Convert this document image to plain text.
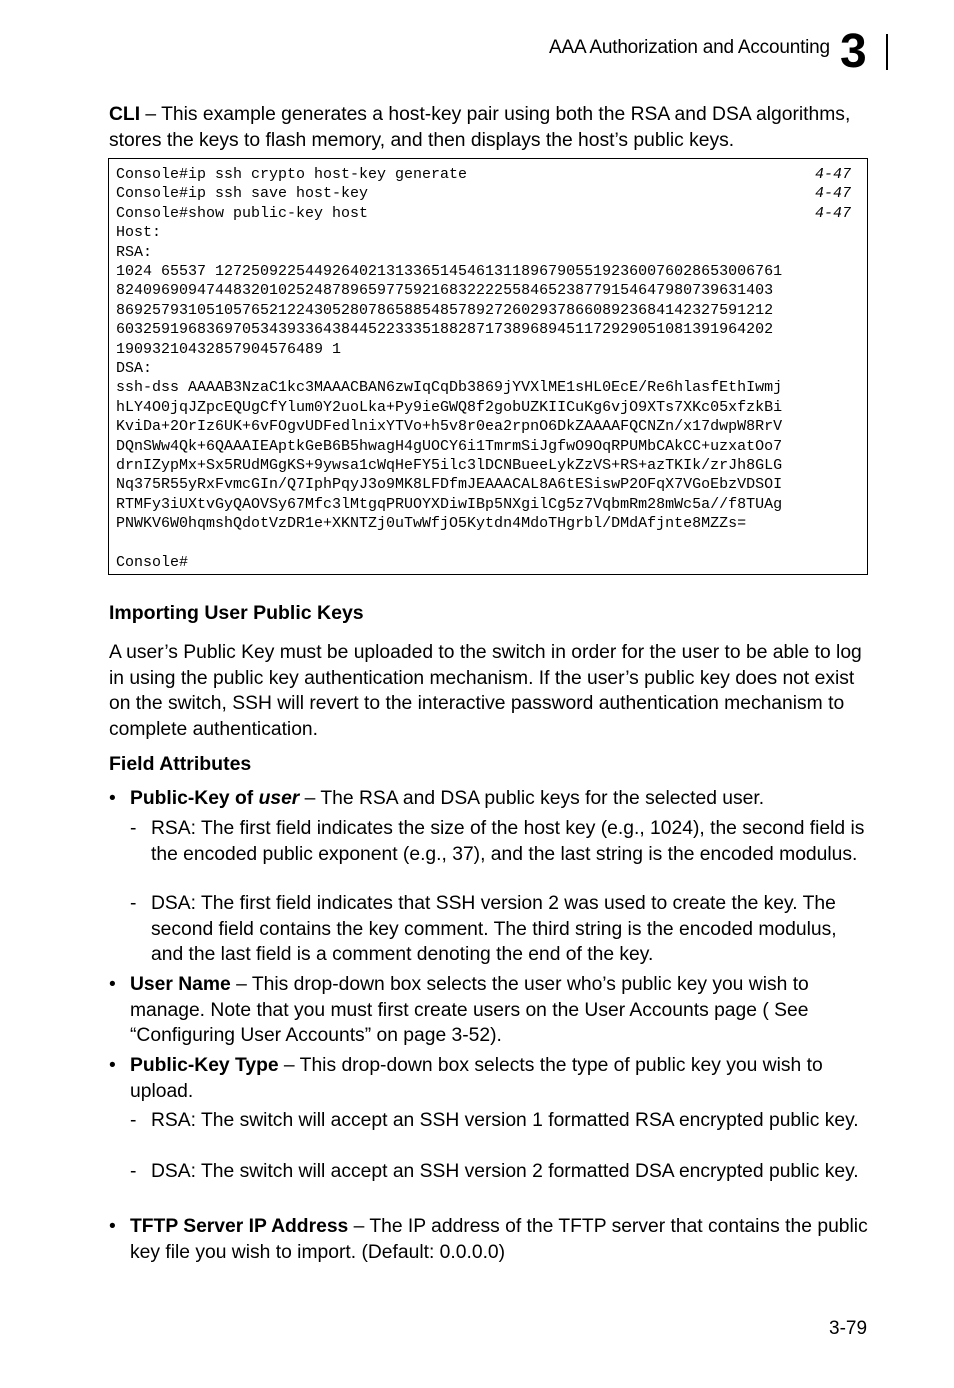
AAA Authorization and Accounting 3
CLI – This example generates a host-key pair using both the RSA and DSA algorithms, stores the keys to flash memory, and then displays the host’s public keys.
Console#ip ssh crypto host-key generate
Console#ip ssh save host-key
Console#show public-key host
Host:
RSA:
1024 65537 127250922544926402131336514546131189679055192360076028653006761
8240969094744832010252487896597759216832222558465238779154647980739631403
8692579310510576521224305280786588548578927260293786608923684142327591212
6032591968369705343933643844522333518828717389689451172929051081391964202
19093210432857904576489 1
DSA:
ssh-dss AAAAB3NzaC1kc3MAAACBAN6zwIqCqDb3869jYVXlME1sHL0EcE/Re6hlasfEthIwmj
hLY4O0jqJZpcEQUgCfYlum0Y2uoLka+Py9ieGWQ8f2gobUZKIICuKg6vjO9XTs7XKc05xfzkBi
KviDa+2OrIz6UK+6vFOgvUDFedlnixYTVo+h5v8r0ea2rpnO6DkZAAAAFQCNZn/x17dwpW8RrV
DQnSWw4Qk+6QAAAIEAptkGeB6B5hwagH4gUOCY6i1TmrmSiJgfwO9OqRPUMbCAkCC+uzxatOo7
drnIZypMx+Sx5RUdMGgKS+9ywsa1cWqHeFY5ilc3lDCNBueeLykZzVS+RS+azTKIk/zrJh8GLG
Nq375R55yRxFvmcGIn/Q7IphPqyJ3o9MK8LFDfmJEAAACAL8A6tESiswP2OFqX7VGoEbzVDSOI
RTMFy3iUXtvGyQAOVSy67Mfc3lMtgqPRUOYXDiwIBp5NXgilCg5z7VqbmRm28mWc5a//f8TUAg
PNWKV6W0hqmshQdotVzDR1e+XKNTZj0uTwWfjO5Kytdn4MdoTHgrbl/DMdAfjnte8MZZs=
Console#
4-47
4-47
4-47
Importing User Public Keys
A user’s Public Key must be uploaded to the switch in order for the user to be able to log in using the public key authentication mechanism. If the user’s public key does not exist on the switch, SSH will revert to the interactive password authentication mechanism to complete authentication.
Field Attributes
• Public-Key of user – The RSA and DSA public keys for the selected user.
- RSA: The first field indicates the size of the host key (e.g., 1024), the second field is the encoded public exponent (e.g., 37), and the last string is the encoded modulus.
- DSA: The first field indicates that SSH version 2 was used to create the key. The second field contains the key comment. The third string is the encoded modulus, and the last field is a comment denoting the end of the key.
• User Name – This drop-down box selects the user who’s public key you wish to manage. Note that you must first create users on the User Accounts page ( See “Configuring User Accounts” on page 3-52).
• Public-Key Type – This drop-down box selects the type of public key you wish to upload.
- RSA: The switch will accept an SSH version 1 formatted RSA encrypted public key.
- DSA: The switch will accept an SSH version 2 formatted DSA encrypted public key.
• TFTP Server IP Address – The IP address of the TFTP server that contains the public key file you wish to import. (Default: 0.0.0.0)
3-79
